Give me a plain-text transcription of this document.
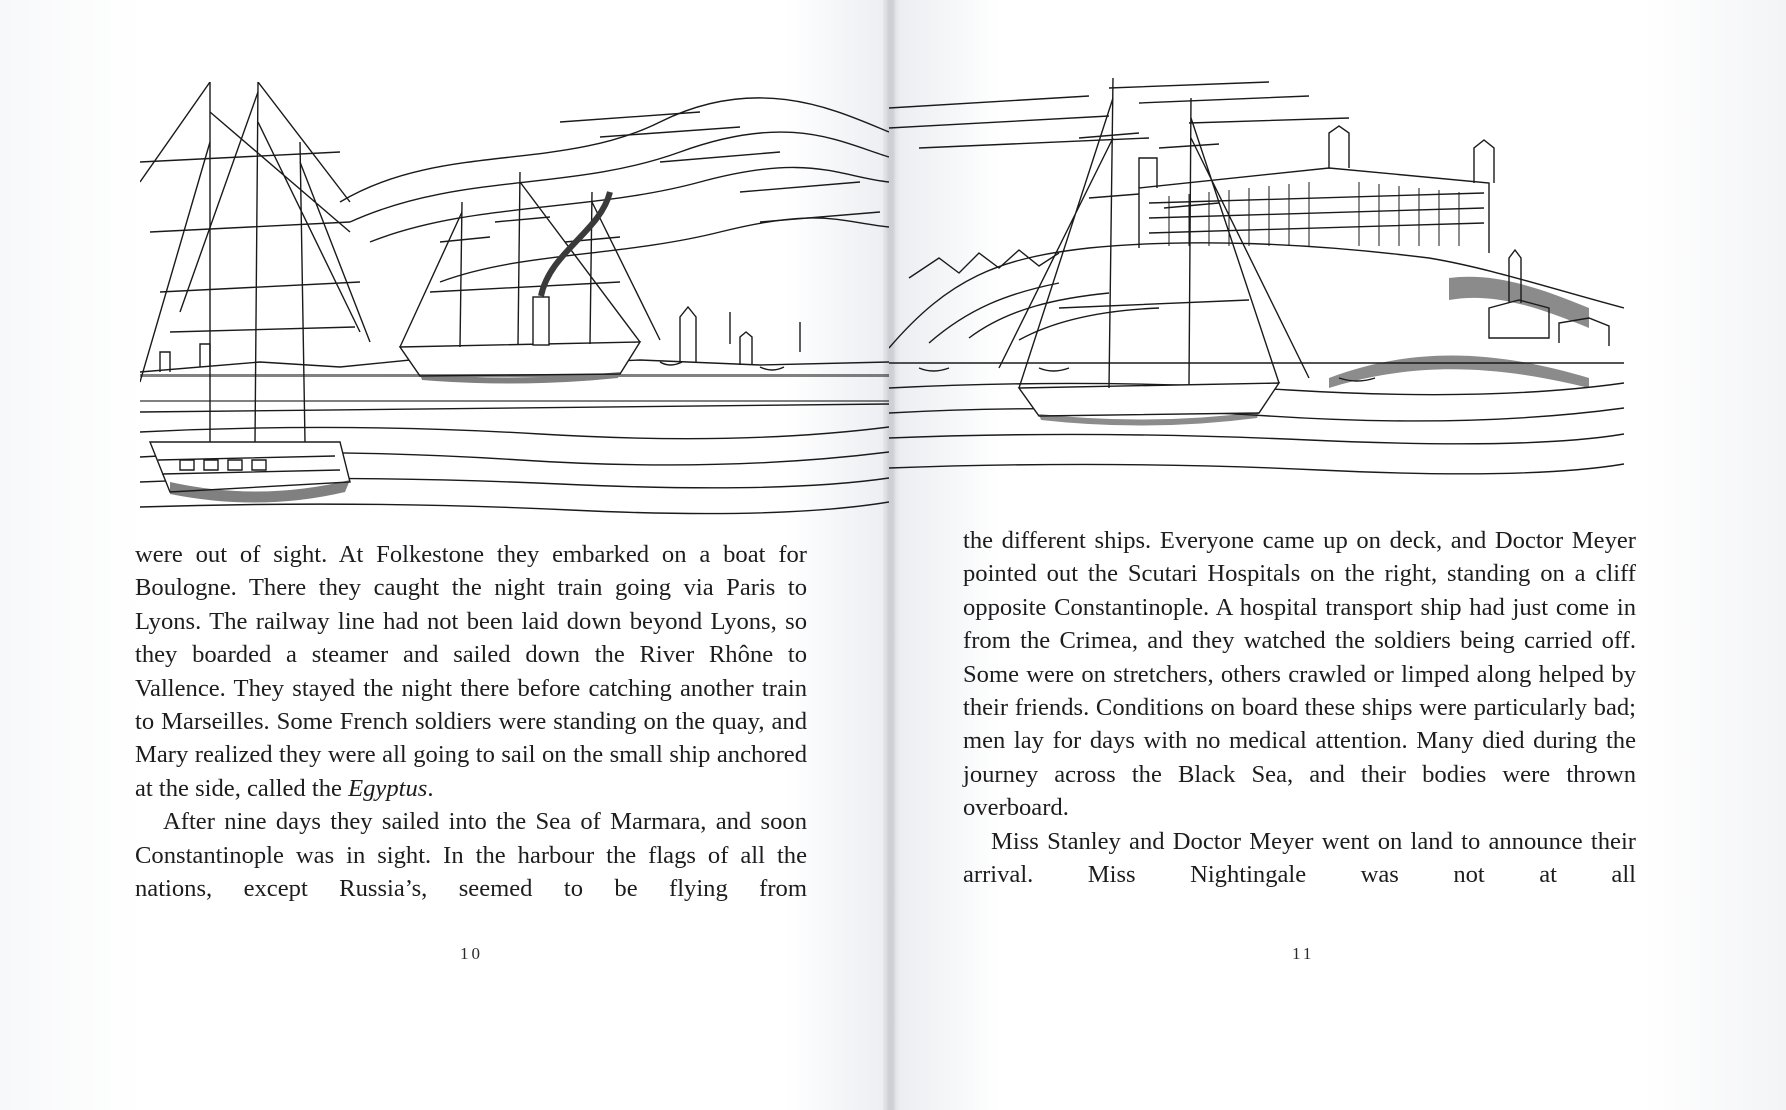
were out of sight. At Folkestone they embarked on a boat for Boulogne. There they caught the night train going via Paris to Lyons. The railway line had not been laid down beyond Lyons, so they boarded a steamer and sailed down the River Rhône to Vallence. They stayed the night there before catching another train to Marseilles. Some French soldiers were standing on the quay, and Mary realized they were all going to sail on the small ship anchored at the side, called the Egyptus.

After nine days they sailed into the Sea of Marmara, and soon Constantinople was in sight. In the harbour the flags of all the nations, except Russia’s, seemed to be flying from

10

the different ships. Everyone came up on deck, and Doctor Meyer pointed out the Scutari Hospitals on the right, standing on a cliff opposite Constantinople. A hospital transport ship had just come in from the Crimea, and they watched the soldiers being carried off. Some were on stretchers, others crawled or limped along helped by their friends. Conditions on board these ships were particularly bad; men lay for days with no medical attention. Many died during the journey across the Black Sea, and their bodies were thrown overboard.

Miss Stanley and Doctor Meyer went on land to announce their arrival. Miss Nightingale was not at all

11
